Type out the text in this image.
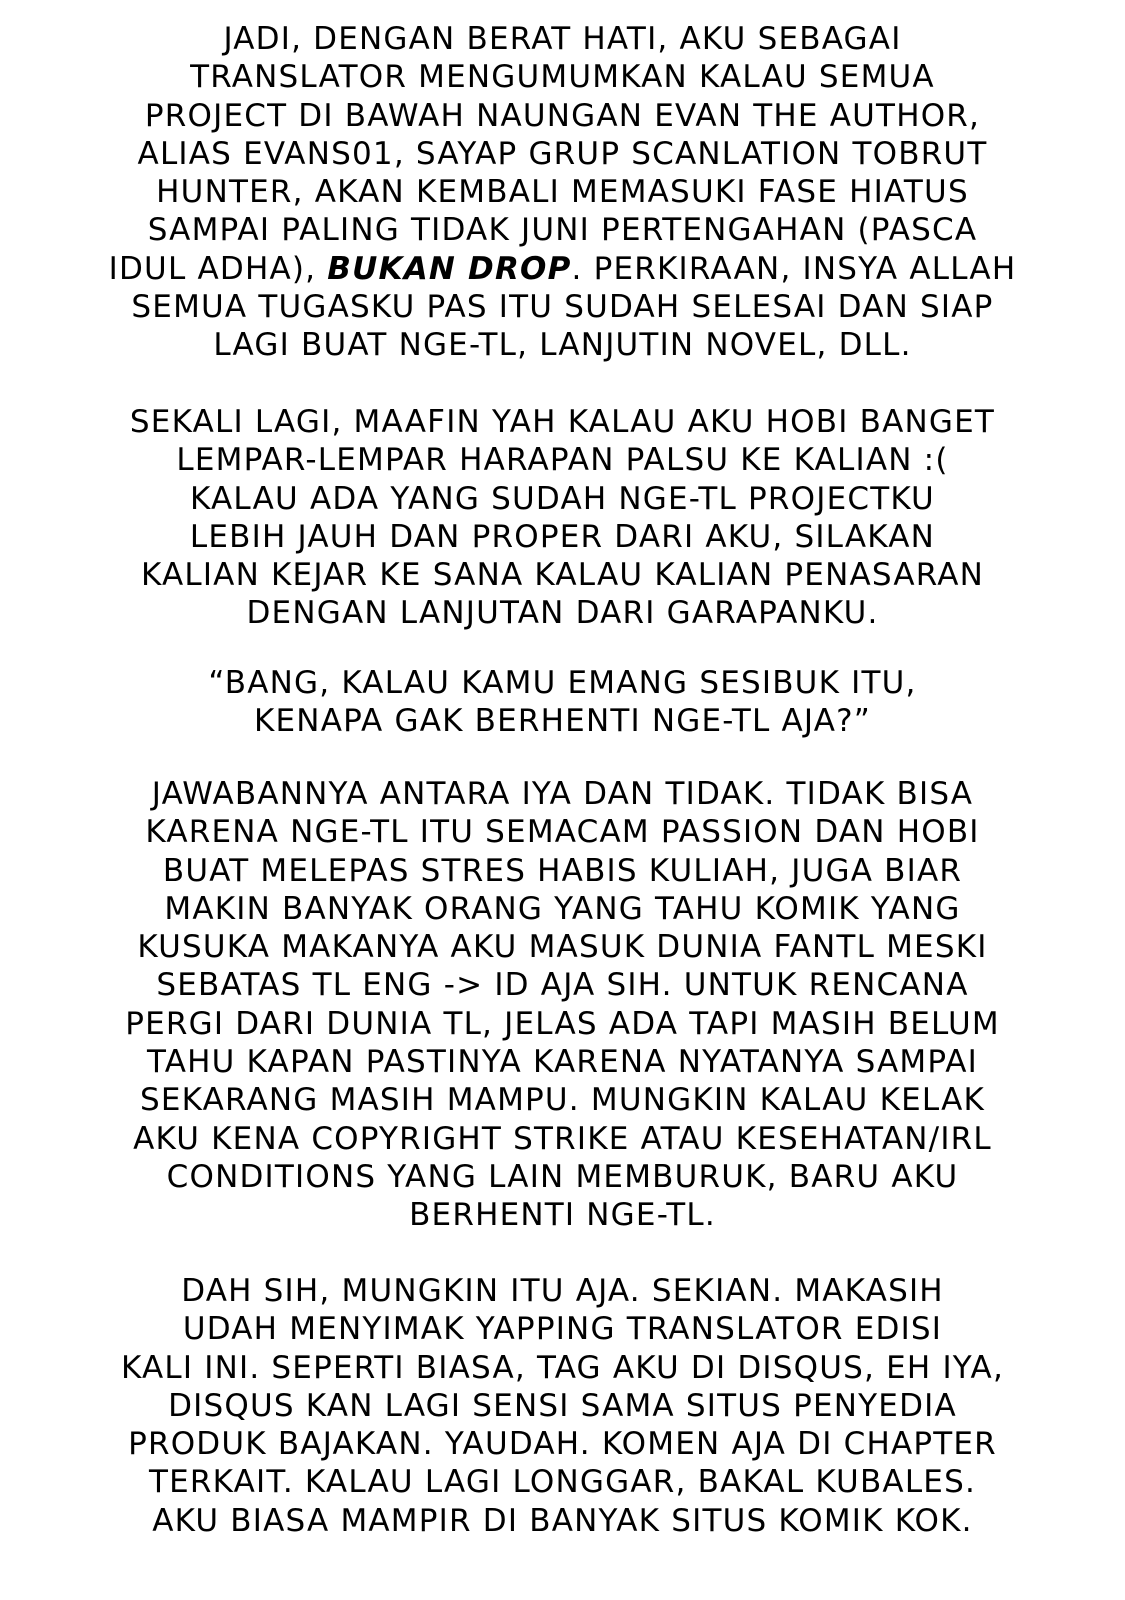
JADI, DENGAN BERAT HATI, AKU SEBAGAI
TRANSLATOR MENGUMUMKAN KALAU SEMUA
PROJECT DI BAWAH NAUNGAN EVAN THE AUTHOR,
ALIAS EVANS01, SAYAP GRUP SCANLATION TOBRUT
HUNTER, AKAN KEMBALI MEMASUKI FASE HIATUS
SAMPAI PALING TIDAK JUNI PERTENGAHAN (PASCA
IDUL ADHA), BUKAN DROP. PERKIRAAN, INSYA ALLAH
SEMUA TUGASKU PAS ITU SUDAH SELESAI DAN SIAP
LAGI BUAT NGE-TL, LANJUTIN NOVEL, DLL.
SEKALI LAGI, MAAFIN YAH KALAU AKU HOBI BANGET
LEMPAR-LEMPAR HARAPAN PALSU KE KALIAN :(
KALAU ADA YANG SUDAH NGE-TL PROJECTKU
LEBIH JAUH DAN PROPER DARI AKU, SILAKAN
KALIAN KEJAR KE SANA KALAU KALIAN PENASARAN
DENGAN LANJUTAN DARI GARAPANKU.
“BANG, KALAU KAMU EMANG SESIBUK ITU,
KENAPA GAK BERHENTI NGE-TL AJA?”
JAWABANNYA ANTARA IYA DAN TIDAK. TIDAK BISA
KARENA NGE-TL ITU SEMACAM PASSION DAN HOBI
BUAT MELEPAS STRES HABIS KULIAH, JUGA BIAR
MAKIN BANYAK ORANG YANG TAHU KOMIK YANG
KUSUKA MAKANYA AKU MASUK DUNIA FANTL MESKI
SEBATAS TL ENG -> ID AJA SIH. UNTUK RENCANA
PERGI DARI DUNIA TL, JELAS ADA TAPI MASIH BELUM
TAHU KAPAN PASTINYA KARENA NYATANYA SAMPAI
SEKARANG MASIH MAMPU. MUNGKIN KALAU KELAK
AKU KENA COPYRIGHT STRIKE ATAU KESEHATAN/IRL
CONDITIONS YANG LAIN MEMBURUK, BARU AKU
BERHENTI NGE-TL.
DAH SIH, MUNGKIN ITU AJA. SEKIAN. MAKASIH
UDAH MENYIMAK YAPPING TRANSLATOR EDISI
KALI INI. SEPERTI BIASA, TAG AKU DI DISQUS, EH IYA,
DISQUS KAN LAGI SENSI SAMA SITUS PENYEDIA
PRODUK BAJAKAN. YAUDAH. KOMEN AJA DI CHAPTER
TERKAIT. KALAU LAGI LONGGAR, BAKAL KUBALES.
AKU BIASA MAMPIR DI BANYAK SITUS KOMIK KOK.
